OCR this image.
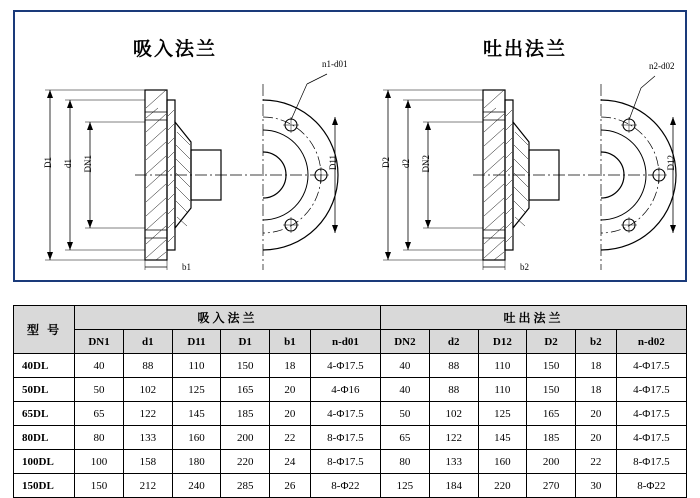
吸入法兰	吐出法兰
D1 d1 DN1
b1
D11
n1-d01
D2 d2 DN2
b2
D12
n2-d02
型 号	吸入法兰						吐出法兰					
	DN1	d1	D11	D1	b1	n-d01	DN2	d2	D12	D2	b2	n-d02
40DL	40	88	110	150	18	4-Φ17.5	40	88	110	150	18	4-Φ17.5
50DL	50	102	125	165	20	4-Φ16	40	88	110	150	18	4-Φ17.5
65DL	65	122	145	185	20	4-Φ17.5	50	102	125	165	20	4-Φ17.5
80DL	80	133	160	200	22	8-Φ17.5	65	122	145	185	20	4-Φ17.5
100DL	100	158	180	220	24	8-Φ17.5	80	133	160	200	22	8-Φ17.5
150DL	150	212	240	285	26	8-Φ22	125	184	220	270	30	8-Φ22
